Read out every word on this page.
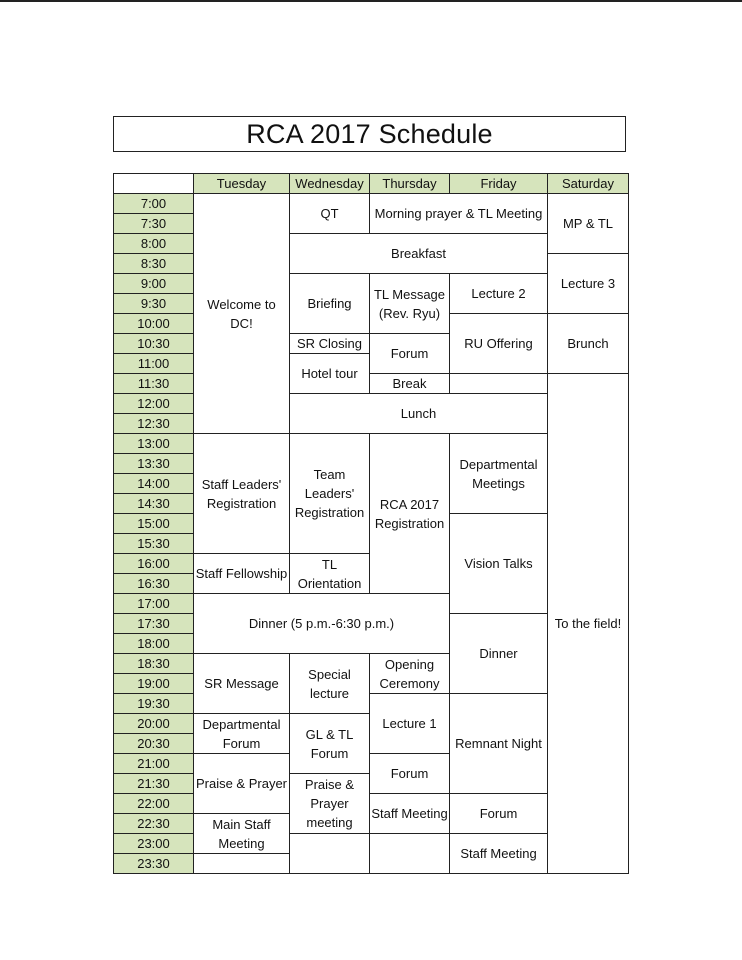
RCA 2017 Schedule
	Tuesday	Wednesday	Thursday	Friday	Saturday
7:00	Welcome to DC!	QT	Morning prayer & TL Meeting		MP & TL
7:30					
8:00		Breakfast			
8:30					Lecture 3
9:00		Briefing	TL Message (Rev. Ryu)	Lecture 2	
9:30					
10:00				RU Offering	Brunch
10:30		SR Closing	Forum		
11:00		Hotel tour			
11:30			Break		To the field!
12:00		Lunch			
12:30					
13:00	Staff Leaders' Registration	Team Leaders' Registration	RCA 2017 Registration	Departmental Meetings	
13:30					
14:00					
14:30					
15:00				Vision Talks	
15:30					
16:00	Staff Fellowship	TL Orientation			
16:30					
17:00	Dinner (5 p.m.-6:30 p.m.)				
17:30				Dinner	
18:00					
18:30	SR Message	Special lecture	Opening Ceremony		
19:00					
19:30			Lecture 1	Remnant Night	
20:00	Departmental Forum	GL & TL Forum			
20:30					
21:00	Praise & Prayer		Forum		
21:30		Praise & Prayer meeting			
22:00			Staff Meeting	Forum	
22:30	Main Staff Meeting				
23:00				Staff Meeting	
23:30					
